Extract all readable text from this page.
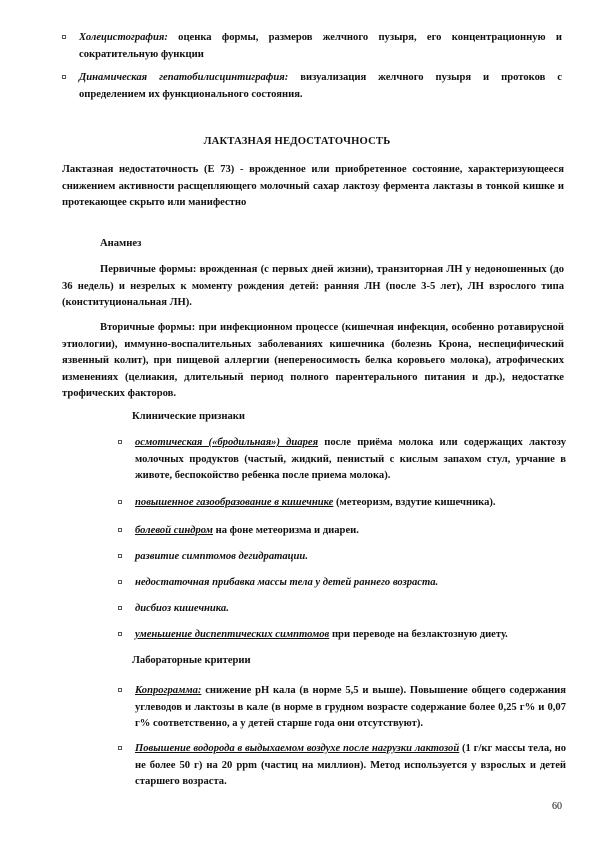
Холецистография: оценка формы, размеров желчного пузыря, его концентрационную и сократительную функции
Динамическая гепатобилисцинтиграфия: визуализация желчного пузыря и протоков с определением их функционального состояния.
ЛАКТАЗНАЯ НЕДОСТАТОЧНОСТЬ
Лактазная недостаточность (Е 73) - врожденное или приобретенное состояние, характеризующееся снижением активности расщепляющего молочный сахар лактозу фермента лактазы в тонкой кишке и протекающее скрыто или манифестно
Анамнез
Первичные формы: врожденная (с первых дней жизни), транзиторная ЛН у недоношенных (до 36 недель) и незрелых к моменту рождения детей: ранняя ЛН (после 3-5 лет), ЛН взрослого типа (конституциональная ЛН).
Вторичные формы: при инфекционном процессе (кишечная инфекция, особенно ротавирусной этиологии), иммунно-воспалительных заболеваниях кишечника (болезнь Крона, неспецифический язвенный колит), при пищевой аллергии (непереносимость белка коровьего молока), атрофических изменениях (целиакия, длительный период полного парентерального питания и др.), недостатке трофических факторов.
Клинические признаки
осмотическая («бродильная») диарея после приёма молока или содержащих лактозу молочных продуктов (частый, жидкий, пенистый с кислым запахом стул, урчание в животе, беспокойство ребенка после приема молока).
повышенное газообразование в кишечнике (метеоризм, вздутие кишечника).
болевой синдром на фоне метеоризма и диареи.
развитие симптомов дегидратации.
недостаточная прибавка массы тела у детей раннего возраста.
дисбиоз кишечника.
уменьшение диспептических симптомов при переводе на безлактозную диету.
Лабораторные критерии
Копрограмма: снижение рН кала (в норме 5,5 и выше). Повышение общего содержания углеводов и лактозы в кале (в норме в грудном возрасте содержание более 0,25 г% и 0,07 г% соответственно, а у детей старше года они отсутствуют).
Повышение водорода в выдыхаемом воздухе после нагрузки лактозой (1 г/кг массы тела, но не более 50 г) на 20 ppm (частиц на миллион). Метод используется у взрослых и детей старшего возраста.
60
